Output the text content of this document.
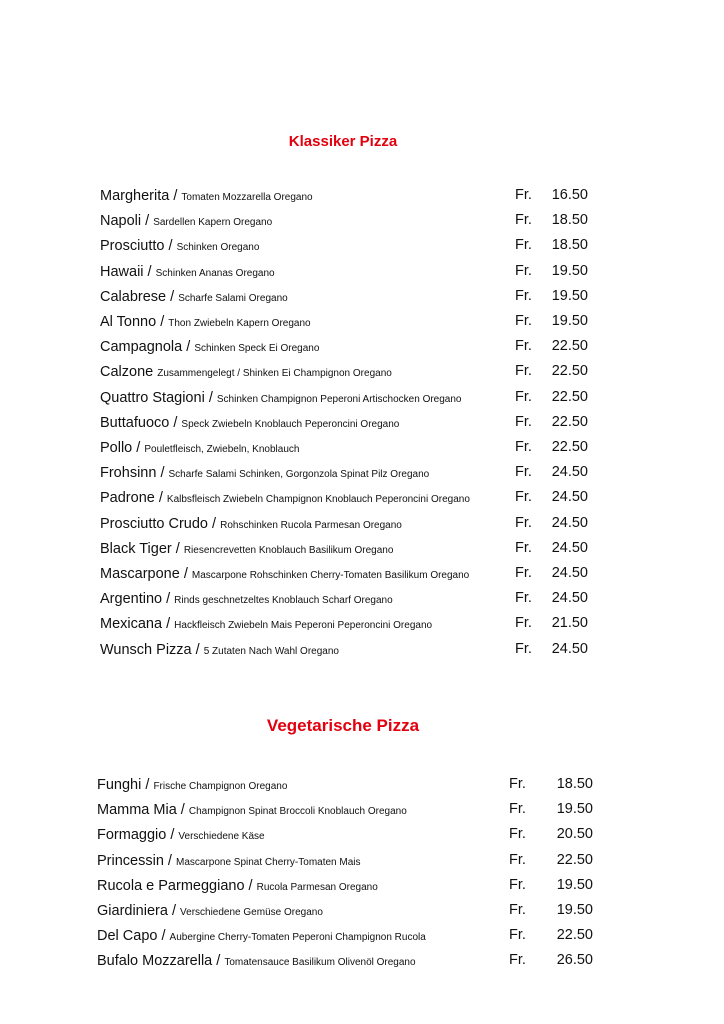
Klassiker Pizza
Vegetarische Pizza
Margherita / Tomaten Mozzarella Oregano	Fr.	16.50
Napoli / Sardellen Kapern Oregano	Fr.	18.50
Prosciutto / Schinken Oregano	Fr.	18.50
Hawaii / Schinken Ananas Oregano	Fr.	19.50
Calabrese / Scharfe Salami Oregano	Fr.	19.50
Al Tonno / Thon Zwiebeln Kapern Oregano	Fr.	19.50
Campagnola / Schinken Speck Ei Oregano	Fr.	22.50
Calzone Zusammengelegt / Shinken Ei Champignon Oregano	Fr.	22.50
Quattro Stagioni / Schinken Champignon Peperoni Artischocken Oregano	Fr.	22.50
Buttafuoco / Speck Zwiebeln Knoblauch Peperoncini Oregano	Fr.	22.50
Pollo / Pouletfleisch, Zwiebeln, Knoblauch	Fr.	22.50
Frohsinn / Scharfe Salami Schinken, Gorgonzola Spinat Pilz Oregano	Fr.	24.50
Padrone / Kalbsfleisch Zwiebeln Champignon Knoblauch Peperoncini Oregano	Fr.	24.50
Prosciutto Crudo / Rohschinken Rucola Parmesan Oregano	Fr.	24.50
Black Tiger / Riesencrevetten Knoblauch Basilikum Oregano	Fr.	24.50
Mascarpone / Mascarpone Rohschinken Cherry-Tomaten Basilikum Oregano	Fr.	24.50
Argentino / Rinds geschnetzeltes Knoblauch Scharf Oregano	Fr.	24.50
Mexicana / Hackfleisch Zwiebeln Mais Peperoni Peperoncini Oregano	Fr.	21.50
Wunsch Pizza / 5 Zutaten Nach Wahl Oregano	Fr.	24.50
Funghi / Frische Champignon Oregano	Fr.	18.50
Mamma Mia / Champignon Spinat Broccoli Knoblauch Oregano	Fr.	19.50
Formaggio / Verschiedene Käse	Fr.	20.50
Princessin / Mascarpone Spinat Cherry-Tomaten Mais	Fr.	22.50
Rucola e Parmeggiano / Rucola Parmesan Oregano	Fr.	19.50
Giardiniera / Verschiedene Gemüse Oregano	Fr.	19.50
Del Capo / Aubergine Cherry-Tomaten Peperoni Champignon Rucola	Fr.	22.50
Bufalo Mozzarella / Tomatensauce Basilikum Olivenöl Oregano	Fr.	26.50
